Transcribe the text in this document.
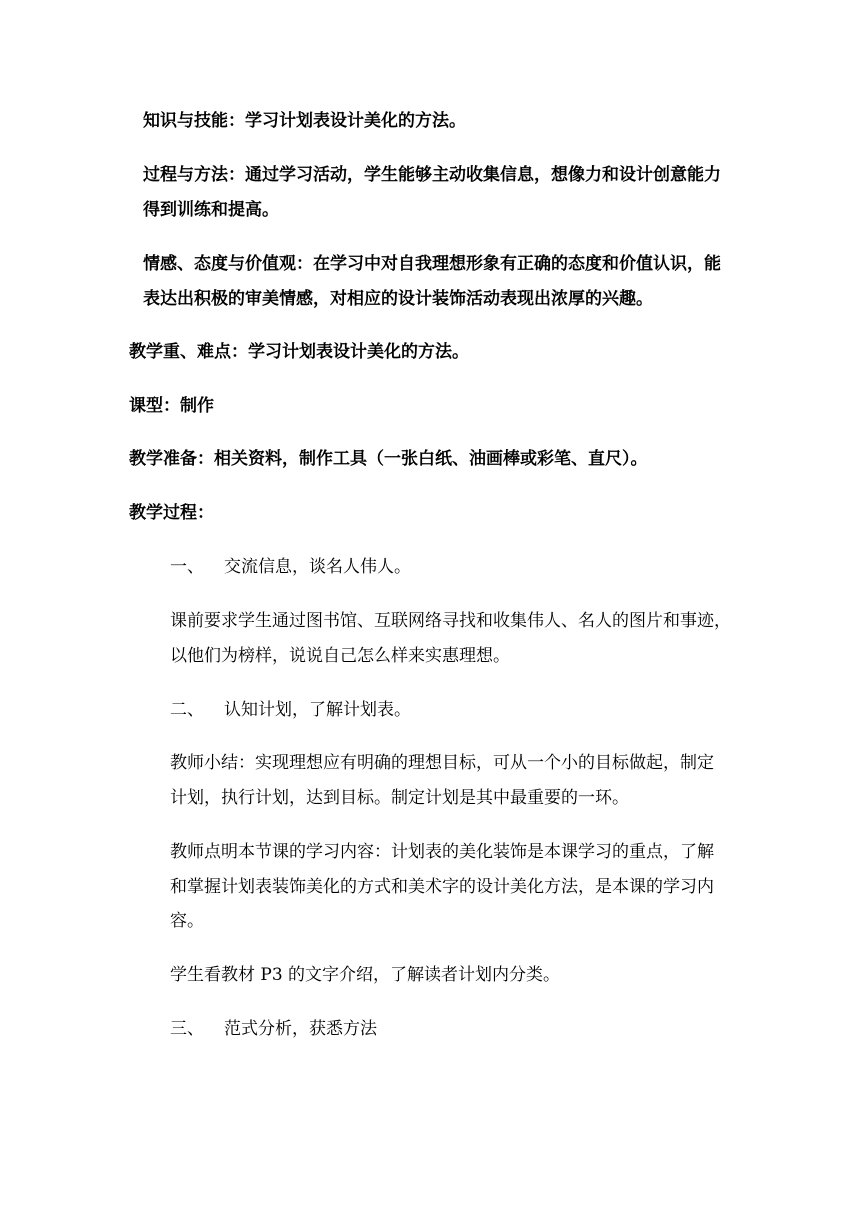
知识与技能：学习计划表设计美化的方法。
过程与方法：通过学习活动，学生能够主动收集信息，想像力和设计创意能力
得到训练和提高。
情感、态度与价值观：在学习中对自我理想形象有正确的态度和价值认识，能
表达出积极的审美情感，对相应的设计装饰活动表现出浓厚的兴趣。
教学重、难点：学习计划表设计美化的方法。
课型：制作
教学准备：相关资料，制作工具（一张白纸、油画棒或彩笔、直尺）。
教学过程：
一、 交流信息，谈名人伟人。
课前要求学生通过图书馆、互联网络寻找和收集伟人、名人的图片和事迹，
以他们为榜样，说说自己怎么样来实惠理想。
二、 认知计划，了解计划表。
教师小结：实现理想应有明确的理想目标，可从一个小的目标做起，制定
计划，执行计划，达到目标。制定计划是其中最重要的一环。
教师点明本节课的学习内容：计划表的美化装饰是本课学习的重点，了解
和掌握计划表装饰美化的方式和美术字的设计美化方法，是本课的学习内
容。
学生看教材 P3 的文字介绍，了解读者计划内分类。
三、 范式分析，获悉方法
